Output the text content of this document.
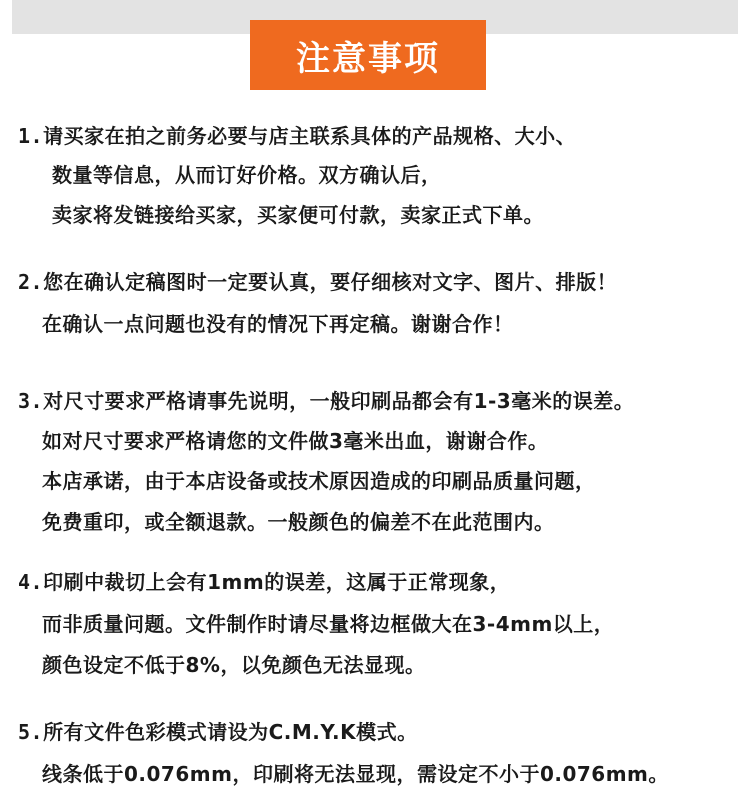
注意事项
1.请买家在拍之前务必要与店主联系具体的产品规格、大小、
数量等信息，从而订好价格。双方确认后，
卖家将发链接给买家，买家便可付款，卖家正式下单。
2.您在确认定稿图时一定要认真，要仔细核对文字、图片、排版！
在确认一点问题也没有的情况下再定稿。谢谢合作！
3.对尺寸要求严格请事先说明，一般印刷品都会有1-3毫米的误差。
如对尺寸要求严格请您的文件做3毫米出血，谢谢合作。
本店承诺，由于本店设备或技术原因造成的印刷品质量问题，
免费重印，或全额退款。一般颜色的偏差不在此范围内。
4.印刷中裁切上会有1mm的误差，这属于正常现象，
而非质量问题。文件制作时请尽量将边框做大在3-4mm以上，
颜色设定不低于8%，以免颜色无法显现。
5.所有文件色彩模式请设为C.M.Y.K模式。
线条低于0.076mm，印刷将无法显现，需设定不小于0.076mm。
